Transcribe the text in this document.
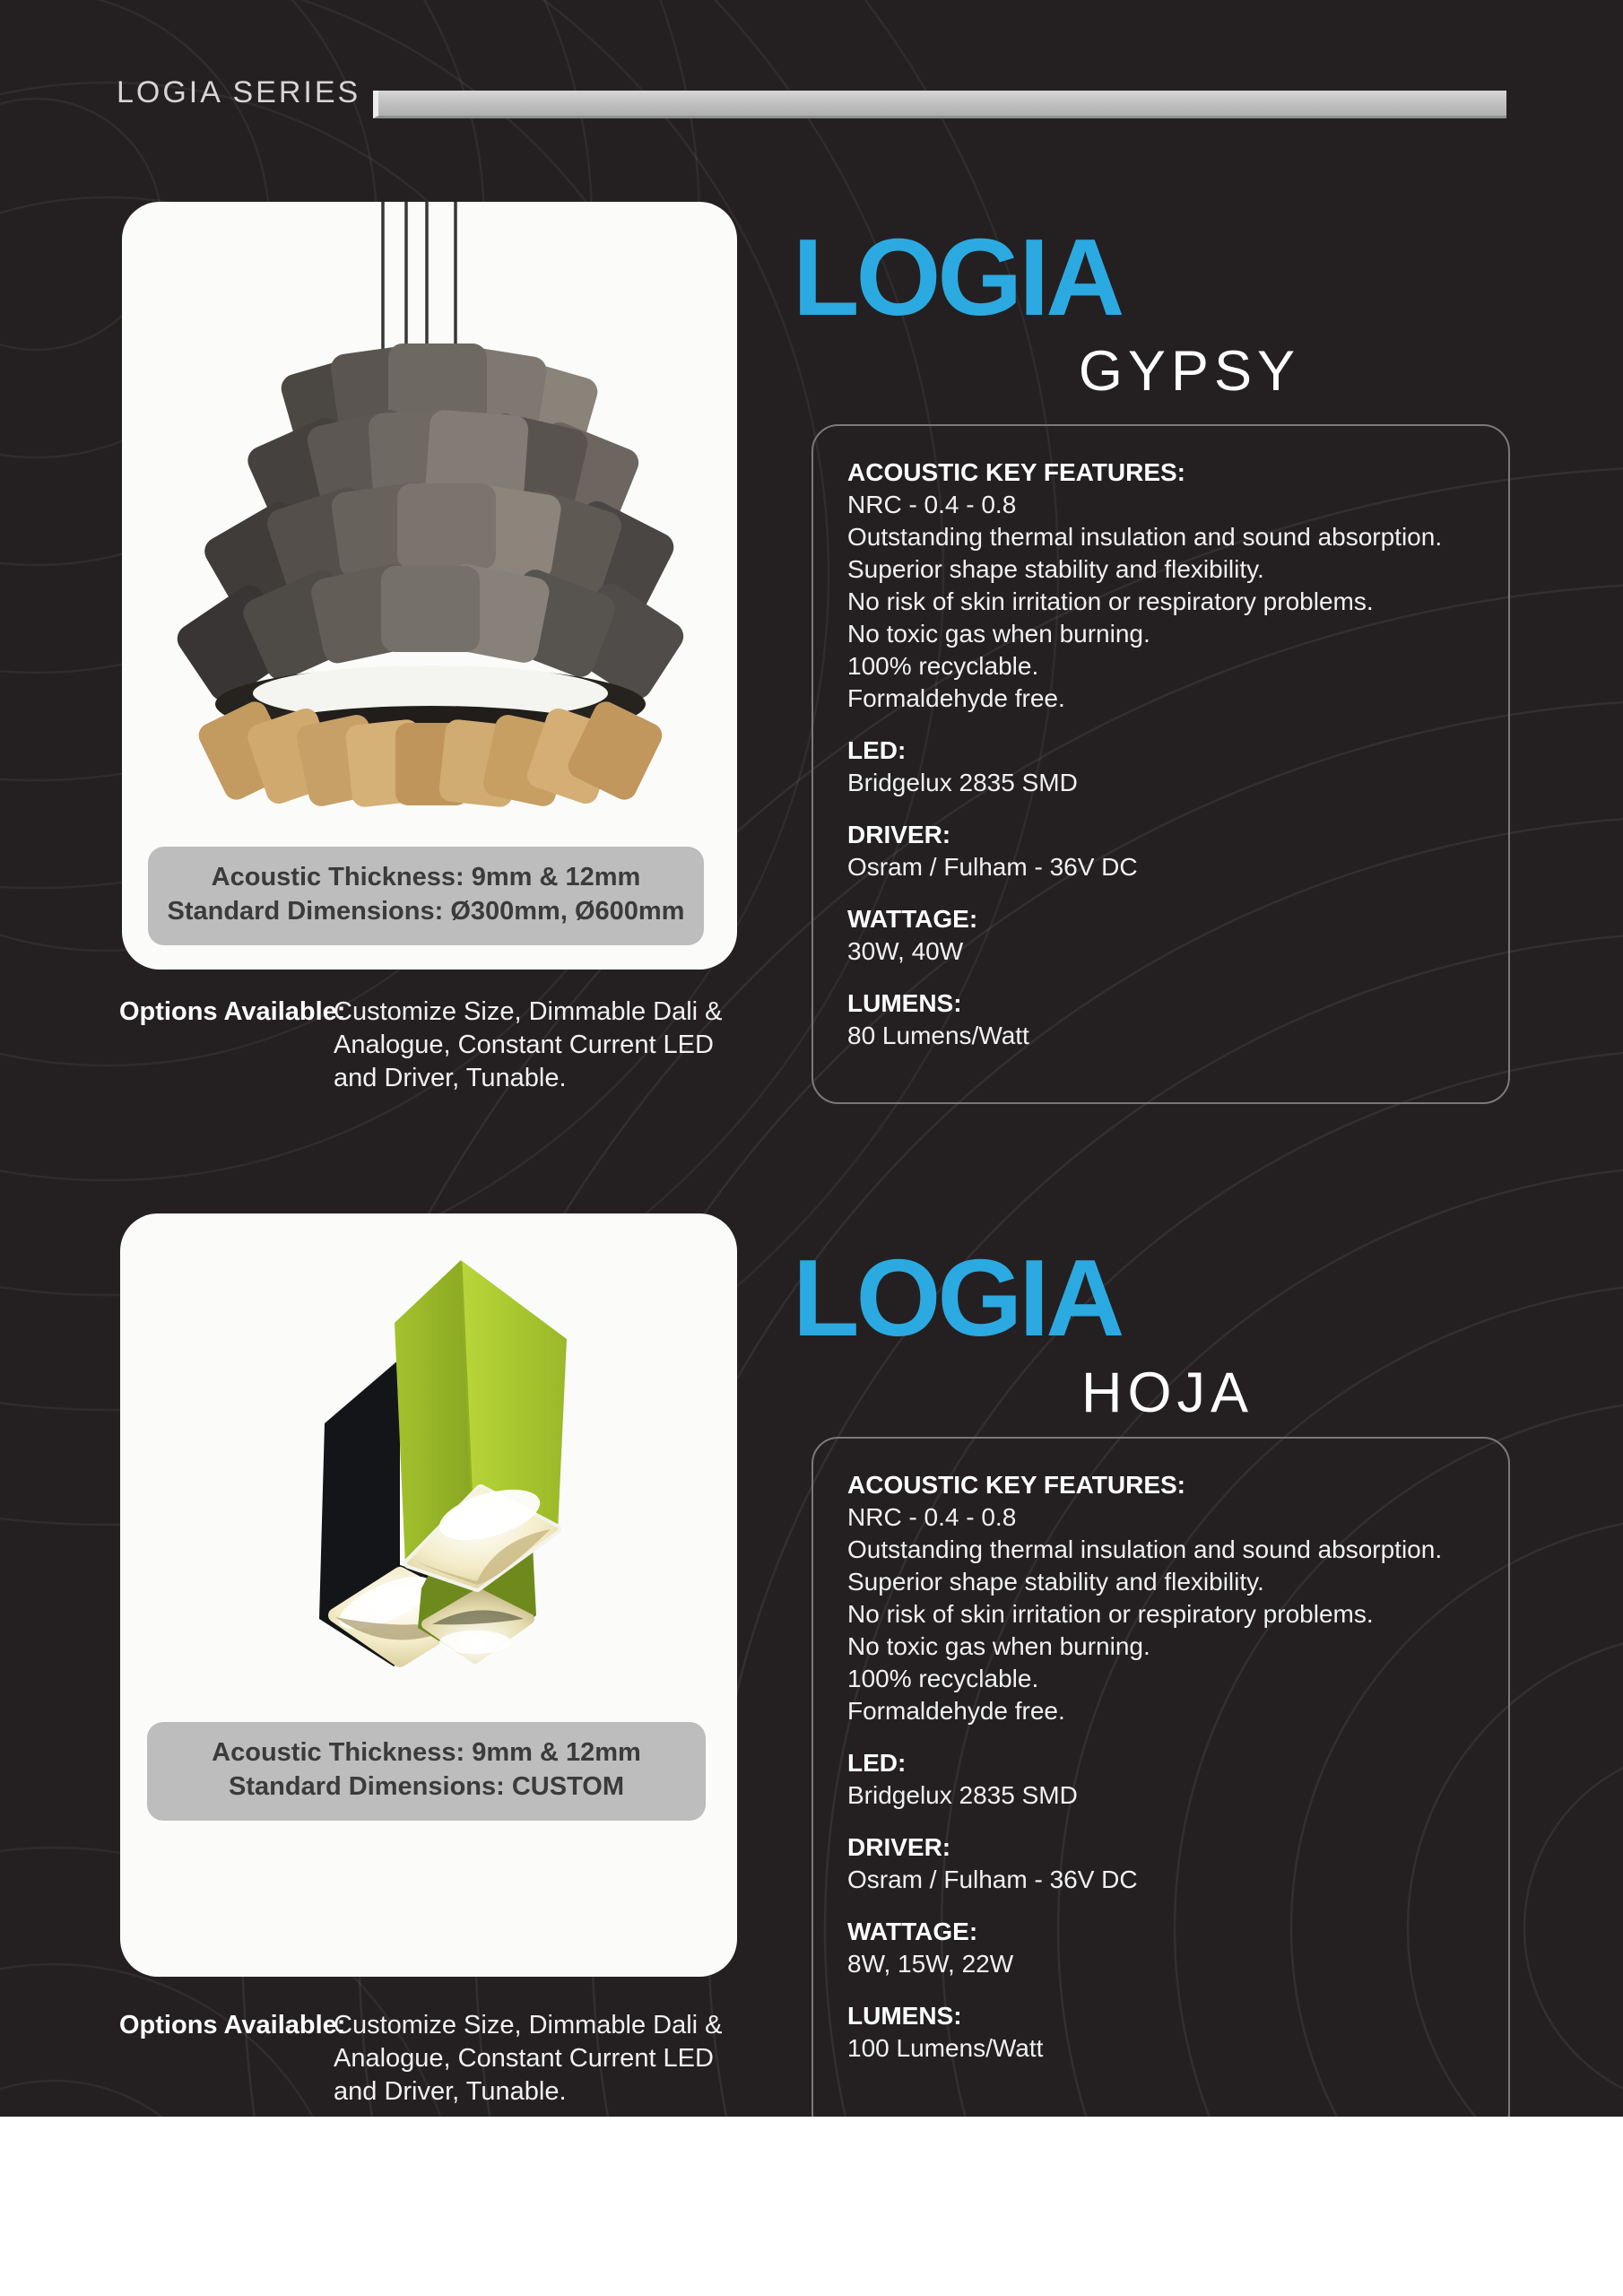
LOGIA SERIES
Acoustic Thickness: 9mm & 12mm
Standard Dimensions: Ø300mm, Ø600mm
LOGIA
GYPSY
ACOUSTIC KEY FEATURES:
NRC - 0.4 - 0.8
Outstanding thermal insulation and sound absorption.
Superior shape stability and flexibility.
No risk of skin irritation or respiratory problems.
No toxic gas when burning.
100% recyclable.
Formaldehyde free.
LED:
Bridgelux 2835 SMD
DRIVER:
Osram / Fulham - 36V DC
WATTAGE:
30W, 40W
LUMENS:
80 Lumens/Watt
Options Available:
Customize Size, Dimmable Dali & Analogue, Constant Current LED and Driver, Tunable.
Acoustic Thickness: 9mm & 12mm
Standard Dimensions: CUSTOM
LOGIA
HOJA
ACOUSTIC KEY FEATURES:
NRC - 0.4 - 0.8
Outstanding thermal insulation and sound absorption.
Superior shape stability and flexibility.
No risk of skin irritation or respiratory problems.
No toxic gas when burning.
100% recyclable.
Formaldehyde free.
LED:
Bridgelux 2835 SMD
DRIVER:
Osram / Fulham - 36V DC
WATTAGE:
8W, 15W, 22W
LUMENS:
100 Lumens/Watt
Options Available:
Customize Size, Dimmable Dali & Analogue, Constant Current LED and Driver, Tunable.
